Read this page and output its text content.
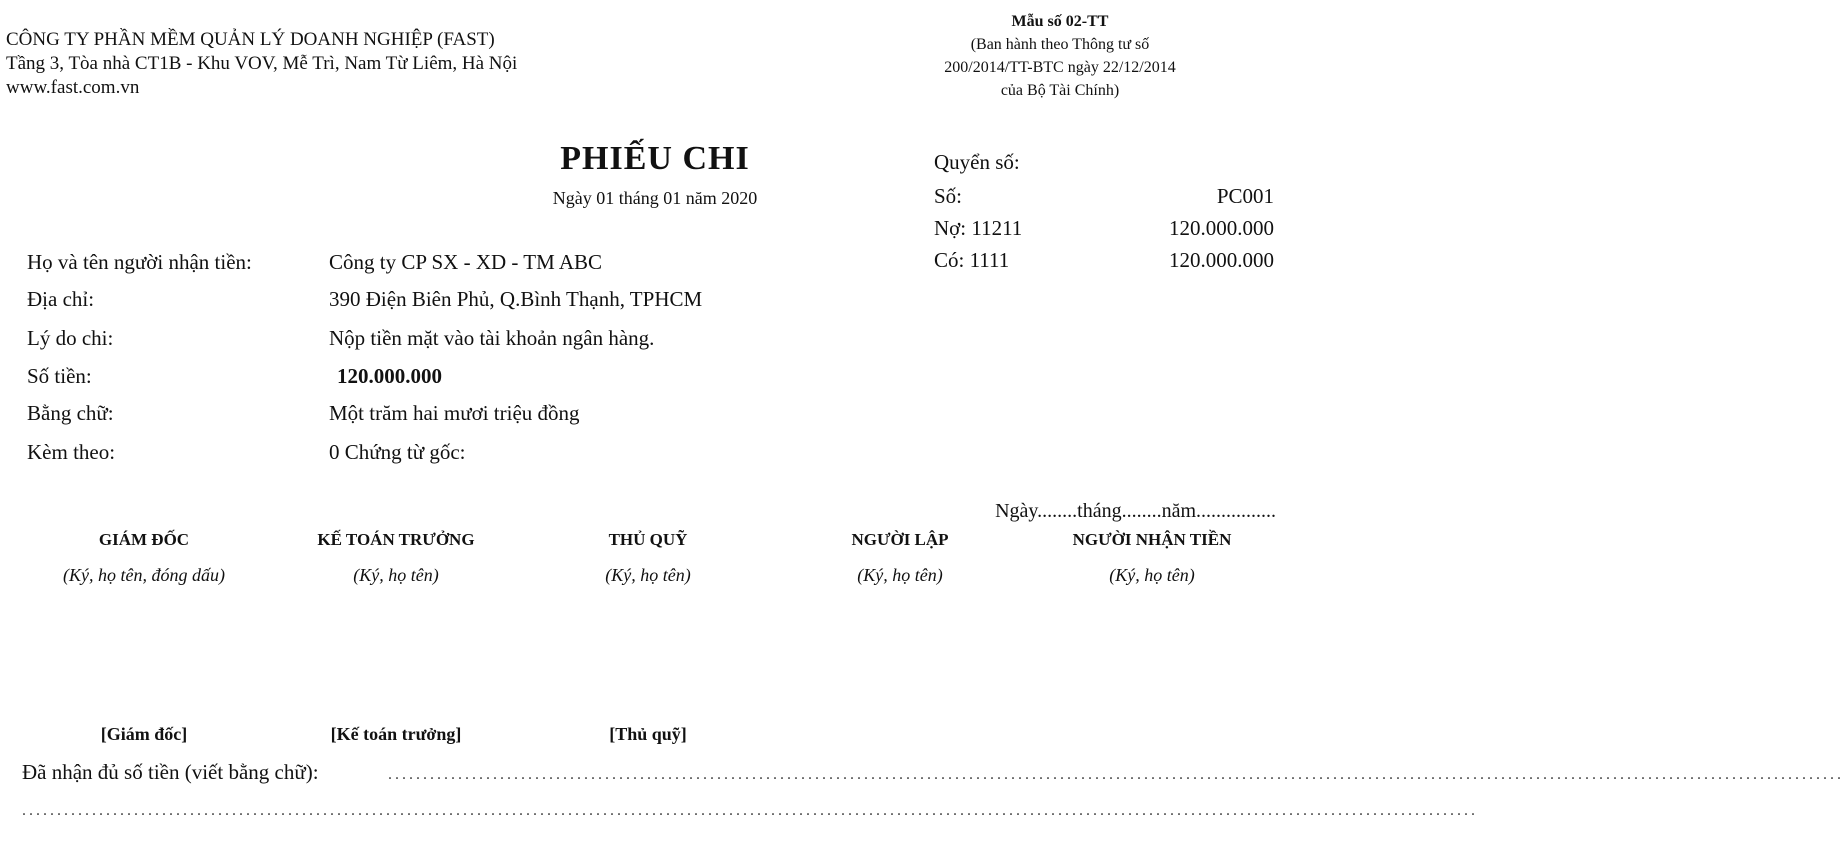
CÔNG TY PHẦN MỀM QUẢN LÝ DOANH NGHIỆP (FAST)
Tầng 3, Tòa nhà CT1B - Khu VOV, Mễ Trì, Nam Từ Liêm, Hà Nội
www.fast.com.vn
Mẫu số 02-TT
(Ban hành theo Thông tư số
200/2014/TT-BTC ngày 22/12/2014
của Bộ Tài Chính)
PHIẾU CHI
Ngày 01 tháng 01 năm 2020
Quyển số:
Số:	PC001
Nợ: 11211	120.000.000
Có: 1111	120.000.000
Họ và tên người nhận tiền:	Công ty CP SX - XD - TM ABC
Địa chỉ:	390 Điện Biên Phủ, Q.Bình Thạnh, TPHCM
Lý do chi:	Nộp tiền mặt vào tài khoản ngân hàng.
Số tiền:	120.000.000
Bằng chữ:	Một trăm hai mươi triệu đồng
Kèm theo:	0 Chứng từ gốc:
Ngày........tháng........năm................
GIÁM ĐỐC
(Ký, họ tên, đóng dấu)
KẾ TOÁN TRƯỞNG
(Ký, họ tên)
THỦ QUỸ
(Ký, họ tên)
NGƯỜI LẬP
(Ký, họ tên)
NGƯỜI NHẬN TIỀN
(Ký, họ tên)
[Giám đốc]	[Kế toán trưởng]	[Thủ quỹ]
Đã nhận đủ số tiền (viết bằng chữ):	................................................................................................................................................................................................................
................................................................................................................................................................................................................
